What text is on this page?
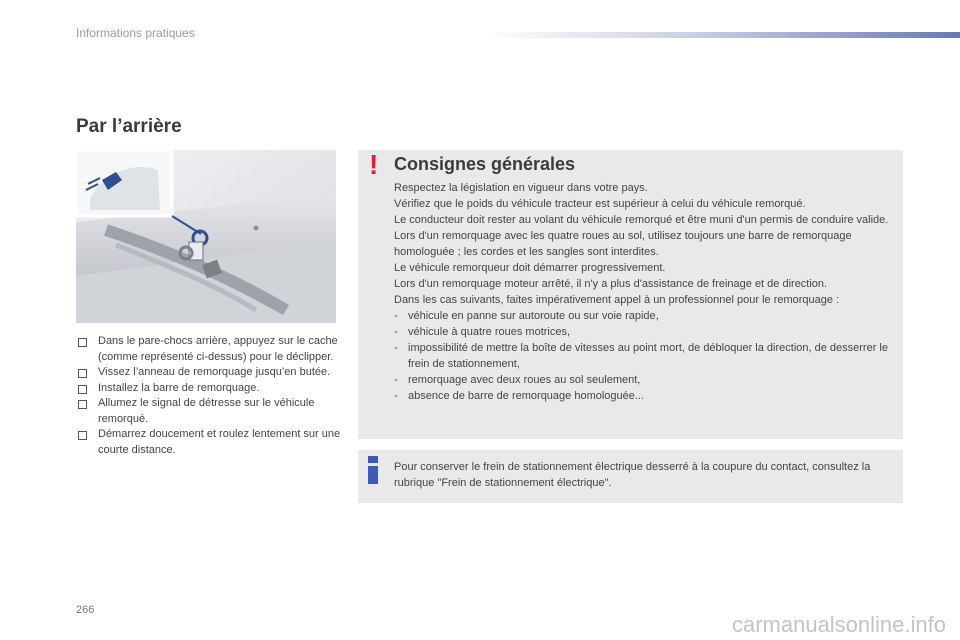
Informations pratiques
Par l’arrière
Dans le pare-chocs arrière, appuyez sur le cache (comme représenté ci-dessus) pour le déclipper.
Vissez l’anneau de remorquage jusqu’en butée.
Installez la barre de remorquage.
Allumez le signal de détresse sur le véhicule remorqué.
Démarrez doucement et roulez lentement sur une courte distance.
! Consignes générales

Respectez la législation en vigueur dans votre pays.

Vérifiez que le poids du véhicule tracteur est supérieur à celui du véhicule remorqué.

Le conducteur doit rester au volant du véhicule remorqué et être muni d'un permis de conduire valide.

Lors d'un remorquage avec les quatre roues au sol, utilisez toujours une barre de remorquage homologuée ; les cordes et les sangles sont interdites.

Le véhicule remorqueur doit démarrer progressivement.

Lors d'un remorquage moteur arrêté, il n'y a plus d'assistance de freinage et de direction.

Dans les cas suivants, faites impérativement appel à un professionnel pour le remorquage :

- véhicule en panne sur autoroute ou sur voie rapide,
- véhicule à quatre roues motrices,
- impossibilité de mettre la boîte de vitesses au point mort, de débloquer la direction, de desserrer le frein de stationnement,
- remorquage avec deux roues au sol seulement,
- absence de barre de remorquage homologuée...
Pour conserver le frein de stationnement électrique desserré à la coupure du contact, consultez la rubrique "Frein de stationnement électrique".
266
carmanualsonline.info
